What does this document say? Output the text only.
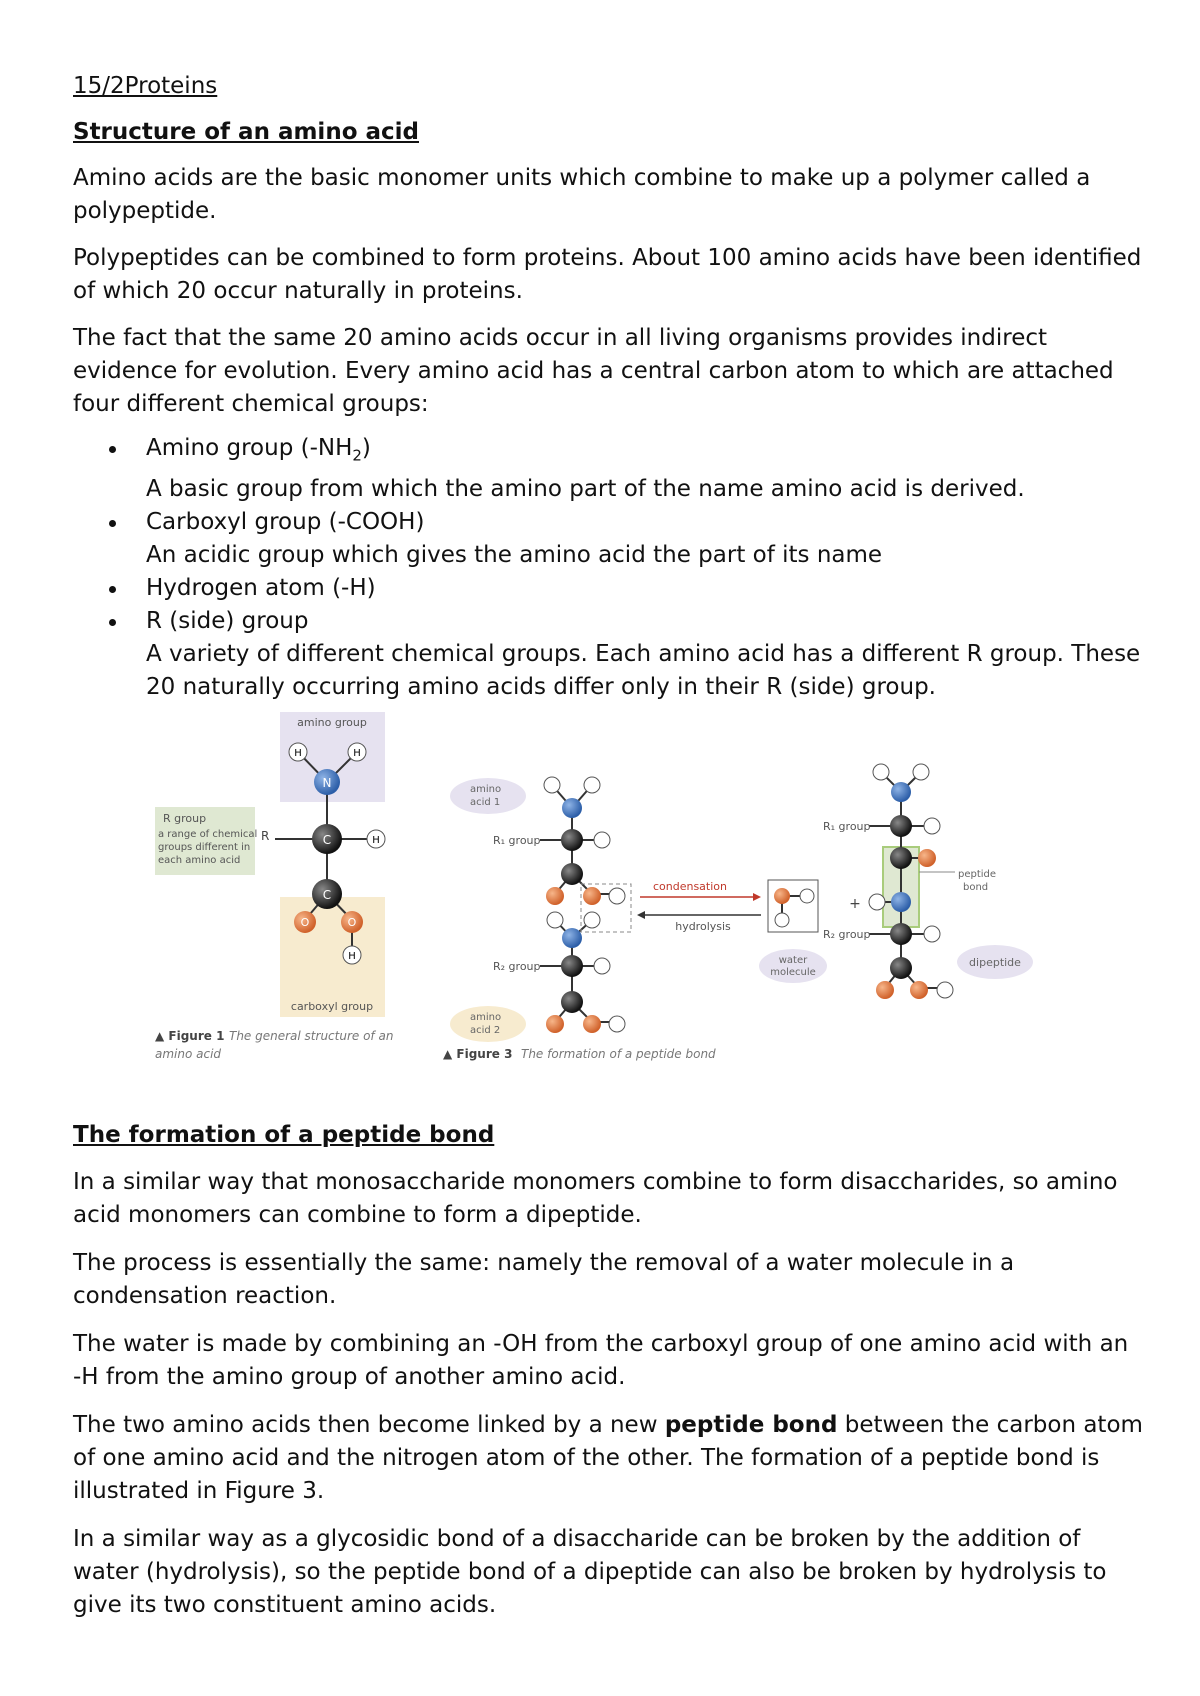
15/2Proteins

Structure of an amino acid

Amino acids are the basic monomer units which combine to make up a polymer called a polypeptide.

Polypeptides can be combined to form proteins. About 100 amino acids have been identified of which 20 occur naturally in proteins.

The fact that the same 20 amino acids occur in all living organisms provides indirect evidence for evolution. Every amino acid has a central carbon atom to which are attached four different chemical groups:

Amino group $(-NH_2)$
A basic group from which the amino part of the name amino acid is derived.
Carboxyl group (-COOH)
An acidic group which gives the amino acid the part of its name
Hydrogen atom (-H)
R (side) group
A variety of different chemical groups. Each amino acid has a different R group. These 20 naturally occurring amino acids differ only in their R (side) group.
amino group
R group
a range of chemical
groups different in
each amino acid
R
carboxyl group
H	H
N
C	H
C
O	O
H
▲ Figure 1 The general structure of an
amino acid
amino
acid 1
amino
acid 2
R₁ group
R₂ group
condensation
hydrolysis
water
molecule
+
peptide
bond
R₁ group
R₂ group
dipeptide
▲ Figure 3 The formation of a peptide bond

The formation of a peptide bond

In a similar way that monosaccharide monomers combine to form disaccharides, so amino acid monomers can combine to form a dipeptide.

The process is essentially the same: namely the removal of a water molecule in a condensation reaction.

The water is made by combining an -OH from the carboxyl group of one amino acid with an -H from the amino group of another amino acid.

The two amino acids then become linked by a new peptide bond between the carbon atom of one amino acid and the nitrogen atom of the other. The formation of a peptide bond is illustrated in Figure 3.

In a similar way as a glycosidic bond of a disaccharide can be broken by the addition of water (hydrolysis), so the peptide bond of a dipeptide can also be broken by hydrolysis to give its two constituent amino acids.
